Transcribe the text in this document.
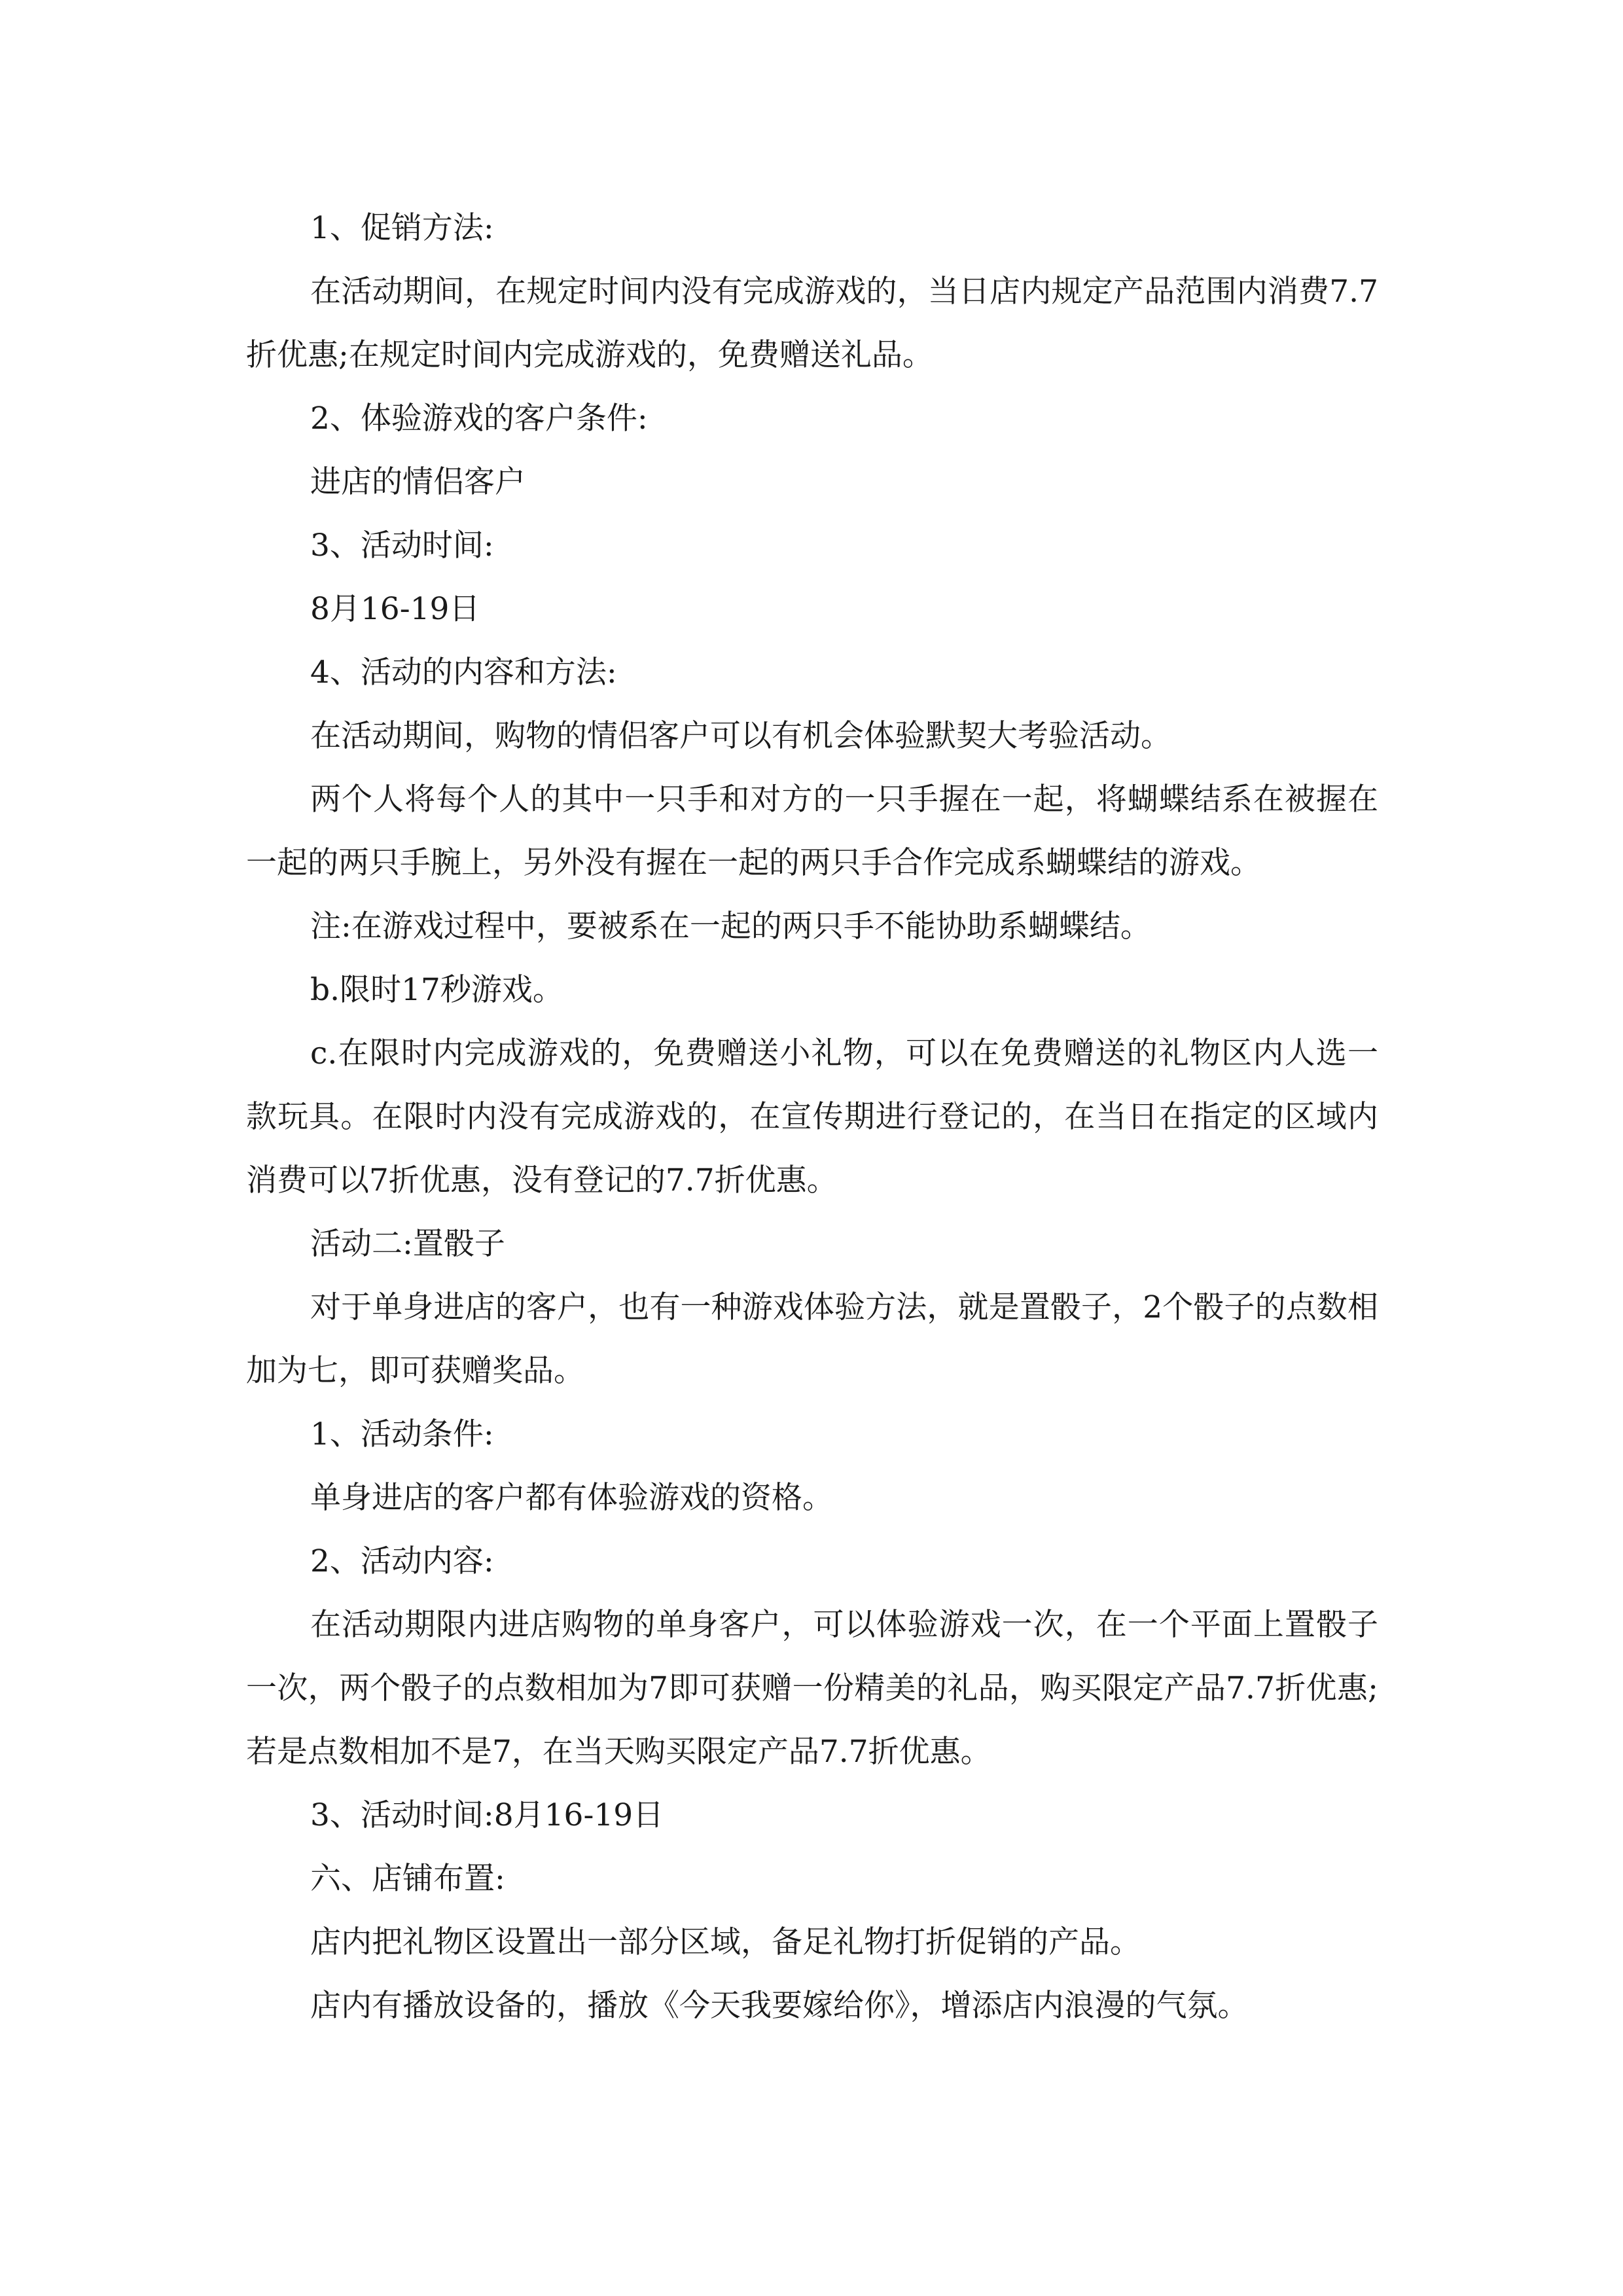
1、促销方法:

在活动期间，在规定时间内没有完成游戏的，当日店内规定产品范围内消费7.7折优惠;在规定时间内完成游戏的，免费赠送礼品。

2、体验游戏的客户条件:

进店的情侣客户

3、活动时间:

8月16-19日

4、活动的内容和方法:

在活动期间，购物的情侣客户可以有机会体验默契大考验活动。

两个人将每个人的其中一只手和对方的一只手握在一起，将蝴蝶结系在被握在一起的两只手腕上，另外没有握在一起的两只手合作完成系蝴蝶结的游戏。

注:在游戏过程中，要被系在一起的两只手不能协助系蝴蝶结。

b.限时17秒游戏。

c.在限时内完成游戏的，免费赠送小礼物，可以在免费赠送的礼物区内人选一款玩具。在限时内没有完成游戏的，在宣传期进行登记的，在当日在指定的区域内消费可以7折优惠，没有登记的7.7折优惠。

活动二:置骰子

对于单身进店的客户，也有一种游戏体验方法，就是置骰子，2个骰子的点数相加为七，即可获赠奖品。

1、活动条件:

单身进店的客户都有体验游戏的资格。

2、活动内容:

在活动期限内进店购物的单身客户，可以体验游戏一次，在一个平面上置骰子一次，两个骰子的点数相加为7即可获赠一份精美的礼品，购买限定产品7.7折优惠;若是点数相加不是7，在当天购买限定产品7.7折优惠。

3、活动时间:8月16-19日

六、店铺布置:

店内把礼物区设置出一部分区域，备足礼物打折促销的产品。

店内有播放设备的，播放《今天我要嫁给你》，增添店内浪漫的气氛。
